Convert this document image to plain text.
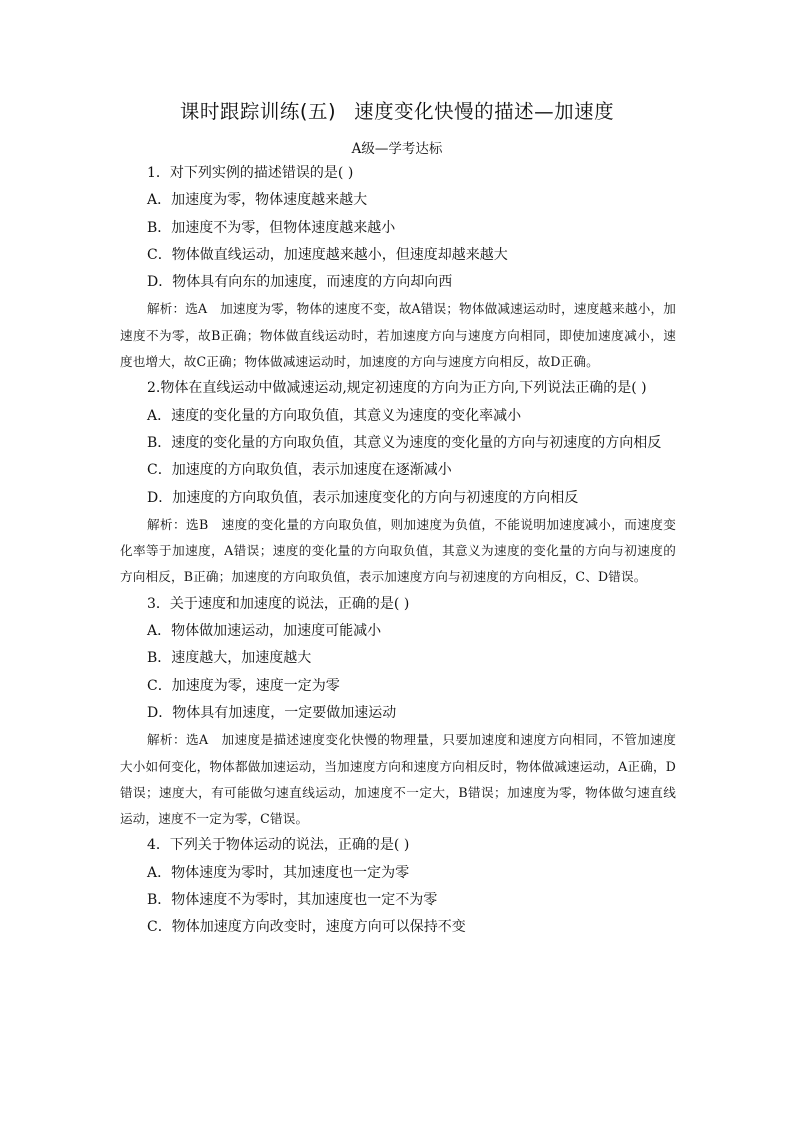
课时跟踪训练(五) 速度变化快慢的描述—加速度
A级—学考达标
1．对下列实例的描述错误的是( )
A．加速度为零，物体速度越来越大
B．加速度不为零，但物体速度越来越小
C．物体做直线运动，加速度越来越小，但速度却越来越大
D．物体具有向东的加速度，而速度的方向却向西
解析：选A　加速度为零，物体的速度不变，故A错误；物体做减速运动时，速度越来越小，加速度不为零，故B正确；物体做直线运动时，若加速度方向与速度方向相同，即使加速度减小，速度也增大，故C正确；物体做减速运动时，加速度的方向与速度方向相反，故D正确。
2.物体在直线运动中做减速运动,规定初速度的方向为正方向,下列说法正确的是( )
A．速度的变化量的方向取负值，其意义为速度的变化率减小
B．速度的变化量的方向取负值，其意义为速度的变化量的方向与初速度的方向相反
C．加速度的方向取负值，表示加速度在逐渐减小
D．加速度的方向取负值，表示加速度变化的方向与初速度的方向相反
解析：选B　速度的变化量的方向取负值，则加速度为负值，不能说明加速度减小，而速度变化率等于加速度，A错误；速度的变化量的方向取负值，其意义为速度的变化量的方向与初速度的方向相反，B正确；加速度的方向取负值，表示加速度方向与初速度的方向相反，C、D错误。
3．关于速度和加速度的说法，正确的是( )
A．物体做加速运动，加速度可能减小
B．速度越大，加速度越大
C．加速度为零，速度一定为零
D．物体具有加速度，一定要做加速运动
解析：选A　加速度是描述速度变化快慢的物理量，只要加速度和速度方向相同，不管加速度大小如何变化，物体都做加速运动，当加速度方向和速度方向相反时，物体做减速运动，A正确，D错误；速度大，有可能做匀速直线运动，加速度不一定大，B错误；加速度为零，物体做匀速直线运动，速度不一定为零，C错误。
4．下列关于物体运动的说法，正确的是( )
A．物体速度为零时，其加速度也一定为零
B．物体速度不为零时，其加速度也一定不为零
C．物体加速度方向改变时，速度方向可以保持不变
